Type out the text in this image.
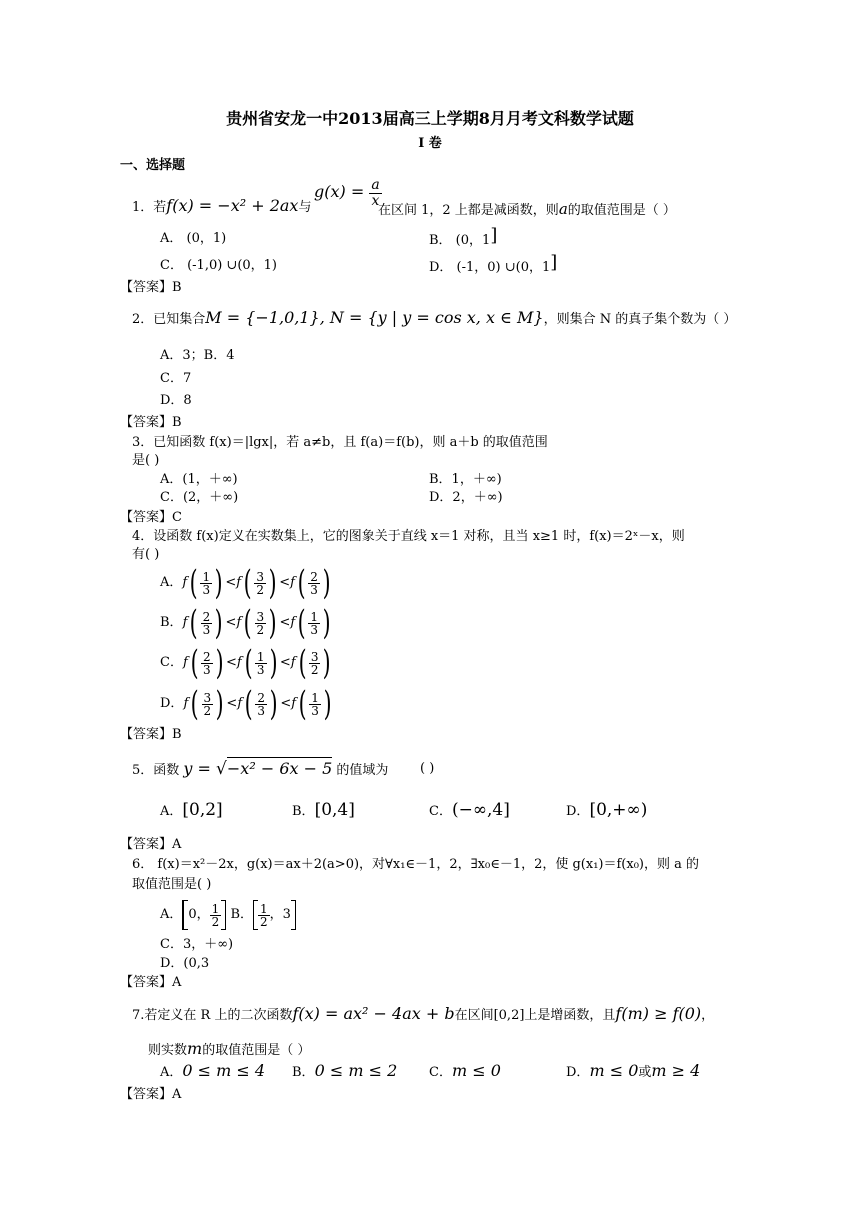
贵州省安龙一中2013届高三上学期8月月考文科数学试题
I 卷
一、选择题
1．若f(x) = −x² + 2ax与
$g(x) = \frac{a}{x}$
在区间 1，2 上都是减函数，则a的取值范围是（ ）
A． (0，1)	B． (0，1]
C． (-1,0) ∪(0，1)	D． (-1，0) ∪(0，1]
【答案】B
2．已知集合M = {−1,0,1}, N = {y | y = cos x, x ∈ M}，则集合 N 的真子集个数为（ ）
A．3；B．4
C．7
D．8
【答案】B
3．已知函数 f(x)＝|lgx|，若 a≠b，且 f(a)＝f(b)，则 a＋b 的取值范围
是( )
A．(1，＋∞)	B．1，＋∞)
C．(2，＋∞)	D．2，＋∞)
【答案】C
4．设函数 f(x)定义在实数集上，它的图象关于直线 x＝1 对称，且当 x≥1 时，f(x)＝2ˣ－x，则
有( )
A．$f( \frac{1}{3}$ ) $<f( \frac{3}{2}$ ) $<f( \frac{2}{3}$ )
B．$f( \frac{2}{3}$ ) $<f( \frac{3}{2}$ ) $<f( \frac{1}{3}$ )
C．$f( \frac{2}{3}$ ) $<f( \frac{1}{3}$ ) $<f( \frac{3}{2}$ )
D．$f( \frac{3}{2}$ ) $<f( \frac{2}{3}$ ) $<f( \frac{1}{3}$ )
【答案】B
5．函数 y = √−x² − 6x − 5 的值域为 ( )
A．[0,2]	B．[0,4]	C．(−∞,4]	D．[0,+∞)
【答案】A
6． f(x)＝x²－2x，g(x)＝ax＋2(a>0)，对∀x₁∈－1，2，∃x₀∈－1，2，使 g(x₁)＝f(x₀)，则 a 的
取值范围是( )
A． 0， $\frac{1}{2}$ B． $\frac{1}{2}$ ，3
C．3，＋∞)
D．(0,3
【答案】A
7.若定义在 R 上的二次函数f(x) = ax² − 4ax + b在区间[0,2]上是增函数，且f(m) ≥ f(0)，
则实数m的取值范围是（ ）
A．0 ≤ m ≤ 4 B．0 ≤ m ≤ 2 C．m ≤ 0	D．m ≤ 0或m ≥ 4
【答案】A
